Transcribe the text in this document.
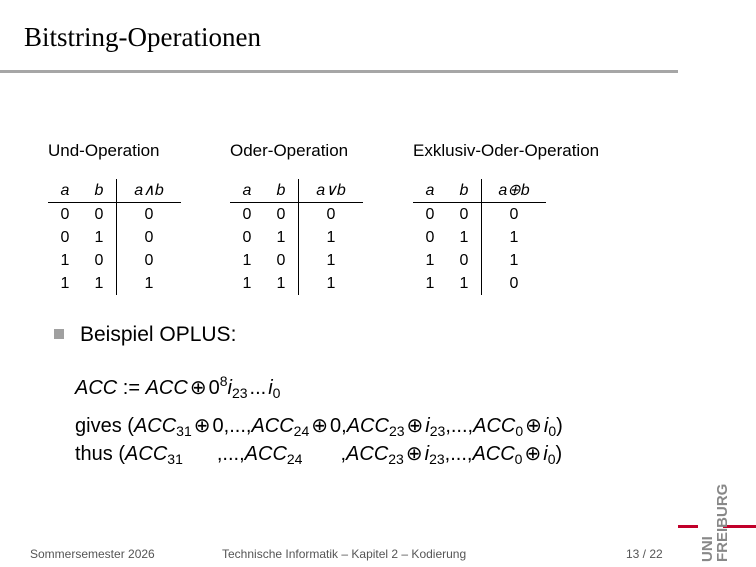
Bitstring-Operationen
Und-Operation
a	b	a∧b
0	0	0
0	1	0
1	0	0
1	1	1
Oder-Operation
a	b	a∨b
0	0	0
0	1	1
1	0	1
1	1	1
Exklusiv-Oder-Operation
a	b	a⊕b
0	0	0
0	1	1
1	0	1
1	1	0
Beispiel OPLUS:
ACC := ACC ⊕ $0^8i_{23}$ ... $i_0$
gives ($ACC_{31}$ ⊕ $0,...,ACC_{24}$ ⊕ $0,ACC_{23}$ ⊕ $i_{23},...,ACC_0$ ⊕ $i_0$)
thus ($ACC_{31}$ $,...,ACC_{24}$ $,ACC_{23}$ ⊕ $i_{23},...,ACC_0$ ⊕ $i_0$)
Sommersemester 2026	Technische Informatik – Kapitel 2 – Kodierung	13 / 22 UNI
FREIBURG
